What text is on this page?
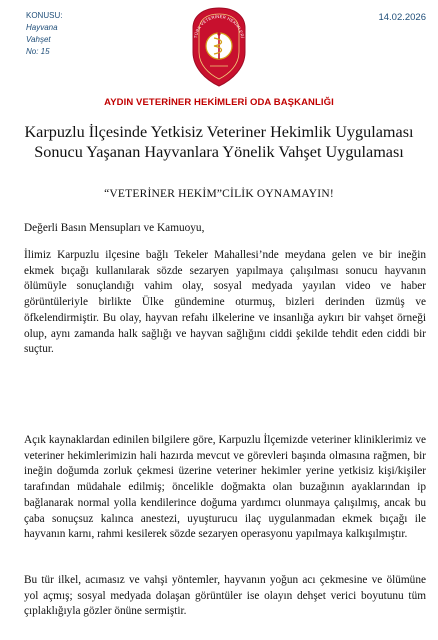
KONUSU:
Hayvana
Vahşet
No: 15
14.02.2026
TÜRK VETERİNER HEKİMLERİ
AYDIN VETERİNER HEKİMLERİ ODA BAŞKANLIĞI
Karpuzlu İlçesinde Yetkisiz Veteriner Hekimlik Uygulaması Sonucu Yaşanan Hayvanlara Yönelik Vahşet Uygulaması
“VETERİNER HEKİM”CİLİK OYNAMAYIN!
Değerli Basın Mensupları ve Kamuoyu,

İlimiz Karpuzlu ilçesine bağlı Tekeler Mahallesi’nde meydana gelen ve bir ineğin ekmek bıçağı kullanılarak sözde sezaryen yapılmaya çalışılması sonucu hayvanın ölümüyle sonuçlandığı vahim olay, sosyal medyada yayılan video ve haber görüntüleriyle birlikte Ülke gündemine oturmuş, bizleri derinden üzmüş ve öfkelendirmiştir. Bu olay, hayvan refahı ilkelerine ve insanlığa aykırı bir vahşet örneği olup, aynı zamanda halk sağlığı ve hayvan sağlığını ciddi şekilde tehdit eden ciddi bir suçtur.

Açık kaynaklardan edinilen bilgilere göre, Karpuzlu İlçemizde veteriner kliniklerimiz ve veteriner hekimlerimizin hali hazırda mevcut ve görevleri başında olmasına rağmen, bir ineğin doğumda zorluk çekmesi üzerine veteriner hekimler yerine yetkisiz kişi/kişiler tarafından müdahale edilmiş; öncelikle doğmakta olan buzağının ayaklarından ip bağlanarak normal yolla kendilerince doğuma yardımcı olunmaya çalışılmış, ancak bu çaba sonuçsuz kalınca anestezi, uyuşturucu ilaç uygulanmadan ekmek bıçağı ile hayvanın karnı, rahmi kesilerek sözde sezaryen operasyonu yapılmaya kalkışılmıştır.

Bu tür ilkel, acımasız ve vahşi yöntemler, hayvanın yoğun acı çekmesine ve ölümüne yol açmış; sosyal medyada dolaşan görüntüler ise olayın dehşet verici boyutunu tüm çıplaklığıyla gözler önüne sermiştir.
